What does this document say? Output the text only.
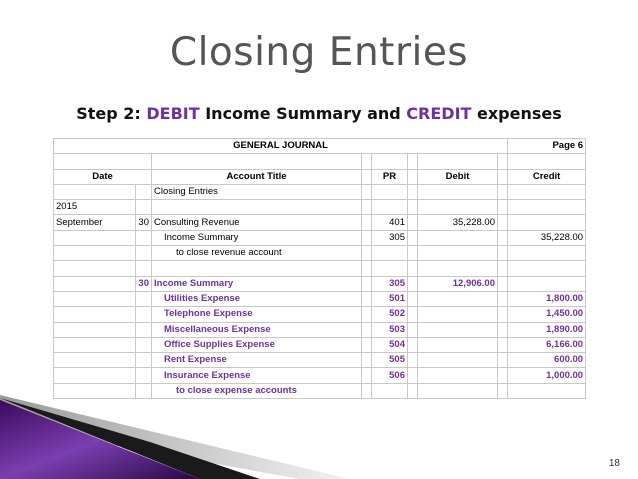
Closing Entries
Step 2: DEBIT Income Summary and CREDIT expenses
GENERAL JOURNAL								Page 6

Date		Account Title		PR		Debit		Credit
		Closing Entries						
2015								
September	30	Consulting Revenue		401		35,228.00		
		Income Summary		305				35,228.00
		to close revenue account						

	30	Income Summary		305		12,906.00		
		Utilities Expense		501				1,800.00
		Telephone Expense		502				1,450.00
		Miscellaneous Expense		503				1,890.00
		Office Supplies Expense		504				6,166.00
		Rent Expense		505				600.00
		Insurance Expense		506				1,000.00
		to close expense accounts						
18
